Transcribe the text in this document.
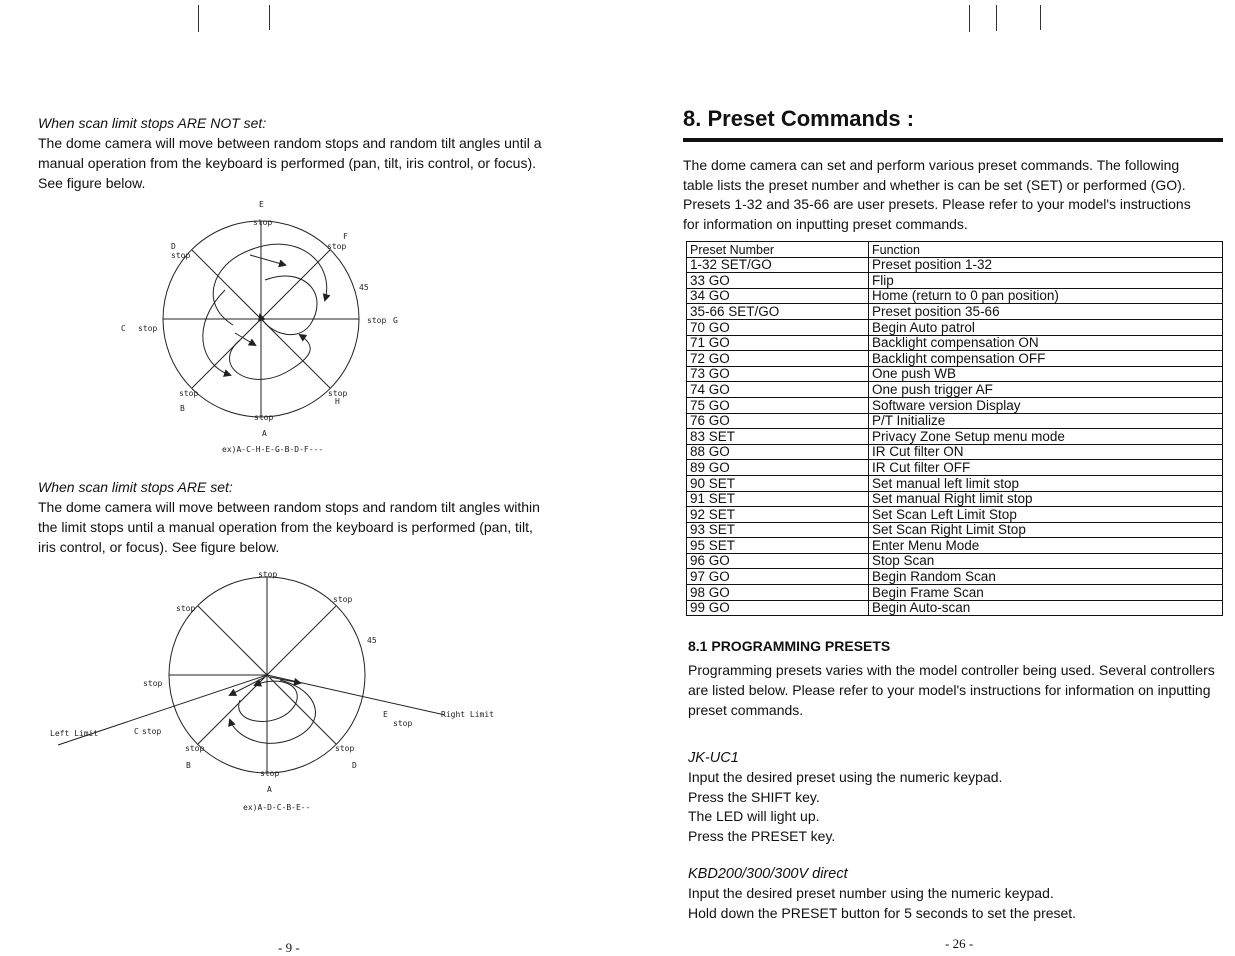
When scan limit stops ARE NOT set:
The dome camera will move between random stops and random tilt angles until a
manual operation from the keyboard is performed (pan, tilt, iris control, or focus).
See figure below.
E
stop
F
stop
D
stop
45
C stop
stop G
stop
B
stop
H
stop
A
ex)A-C-H-E-G-B-D-F---
When scan limit stops ARE set:
The dome camera will move between random stops and random tilt angles within
the limit stops until a manual operation from the keyboard is performed (pan, tilt,
iris control, or focus). See figure below.
stop
stop
stop
45
stop
Left Limit	C stop
E
stop
Right Limit
stop
B
stop
D
stop
A
ex)A-D-C-B-E--
- 9 -
8. Preset Commands :
The dome camera can set and perform various preset commands. The following
table lists the preset number and whether is can be set (SET) or performed (GO).
Presets 1-32 and 35-66 are user presets. Please refer to your model's instructions
for information on inputting preset commands.
Preset Number	Function
1-32 SET/GO	Preset position 1-32
33 GO	Flip
34 GO	Home (return to 0 pan position)
35-66 SET/GO	Preset position 35-66
70 GO	Begin Auto patrol
71 GO	Backlight compensation ON
72 GO	Backlight compensation OFF
73 GO	One push WB
74 GO	One push trigger AF
75 GO	Software version Display
76 GO	P/T Initialize
83 SET	Privacy Zone Setup menu mode
88 GO	IR Cut filter ON
89 GO	IR Cut filter OFF
90 SET	Set manual left limit stop
91 SET	Set manual Right limit stop
92 SET	Set Scan Left Limit Stop
93 SET	Set Scan Right Limit Stop
95 SET	Enter Menu Mode
96 GO	Stop Scan
97 GO	Begin Random Scan
98 GO	Begin Frame Scan
99 GO	Begin Auto-scan
8.1 PROGRAMMING PRESETS
Programming presets varies with the model controller being used. Several controllers
are listed below. Please refer to your model's instructions for information on inputting
preset commands.
JK-UC1
Input the desired preset using the numeric keypad.
Press the SHIFT key.
The LED will light up.
Press the PRESET key.
KBD200/300/300V direct
Input the desired preset number using the numeric keypad.
Hold down the PRESET button for 5 seconds to set the preset.
- 26 -
